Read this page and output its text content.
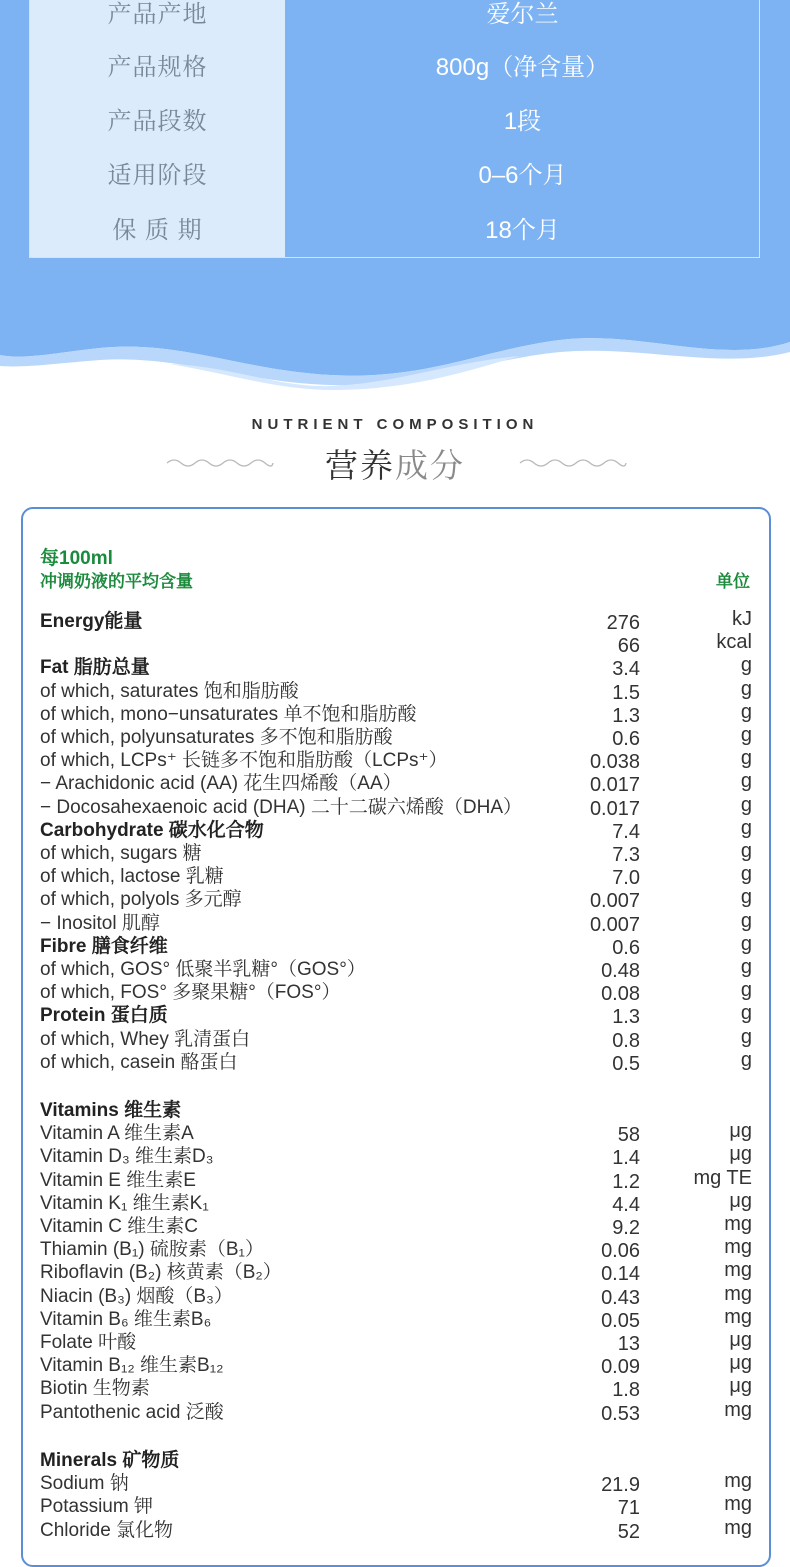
产品产地	爱尔兰
产品规格	800g（净含量）
产品段数	1段
适用阶段	0–6个月
保 质 期	18个月
NUTRIENT COMPOSITION
营养成分
每100ml
冲调奶液的平均含量	单位
Energy能量	276	kJ
66	kcal
Fat 脂肪总量	3.4	g
of which, saturates 饱和脂肪酸	1.5	g
of which, mono−unsaturates 单不饱和脂肪酸	1.3	g
of which, polyunsaturates 多不饱和脂肪酸	0.6	g
of which, LCPs⁺ 长链多不饱和脂肪酸（LCPs⁺）	0.038	g
− Arachidonic acid (AA) 花生四烯酸（AA）	0.017	g
− Docosahexaenoic acid (DHA) 二十二碳六烯酸（DHA）	0.017	g
Carbohydrate 碳水化合物	7.4	g
of which, sugars 糖	7.3	g
of which, lactose 乳糖	7.0	g
of which, polyols 多元醇	0.007	g
− Inositol 肌醇	0.007	g
Fibre 膳食纤维	0.6	g
of which, GOS° 低聚半乳糖°（GOS°）	0.48	g
of which, FOS° 多聚果糖°（FOS°）	0.08	g
Protein 蛋白质	1.3	g
of which, Whey 乳清蛋白	0.8	g
of which, casein 酪蛋白	0.5	g
Vitamins 维生素
Vitamin A 维生素A	58	μg
Vitamin D₃ 维生素D₃	1.4	μg
Vitamin E 维生素E	1.2	mg TE
Vitamin K₁ 维生素K₁	4.4	μg
Vitamin C 维生素C	9.2	mg
Thiamin (B₁) 硫胺素（B₁）	0.06	mg
Riboflavin (B₂) 核黄素（B₂）	0.14	mg
Niacin (B₃) 烟酸（B₃）	0.43	mg
Vitamin B₆ 维生素B₆	0.05	mg
Folate 叶酸	13	μg
Vitamin B₁₂ 维生素B₁₂	0.09	μg
Biotin 生物素	1.8	μg
Pantothenic acid 泛酸	0.53	mg
Minerals 矿物质
Sodium 钠	21.9	mg
Potassium 钾	71	mg
Chloride 氯化物	52	mg
